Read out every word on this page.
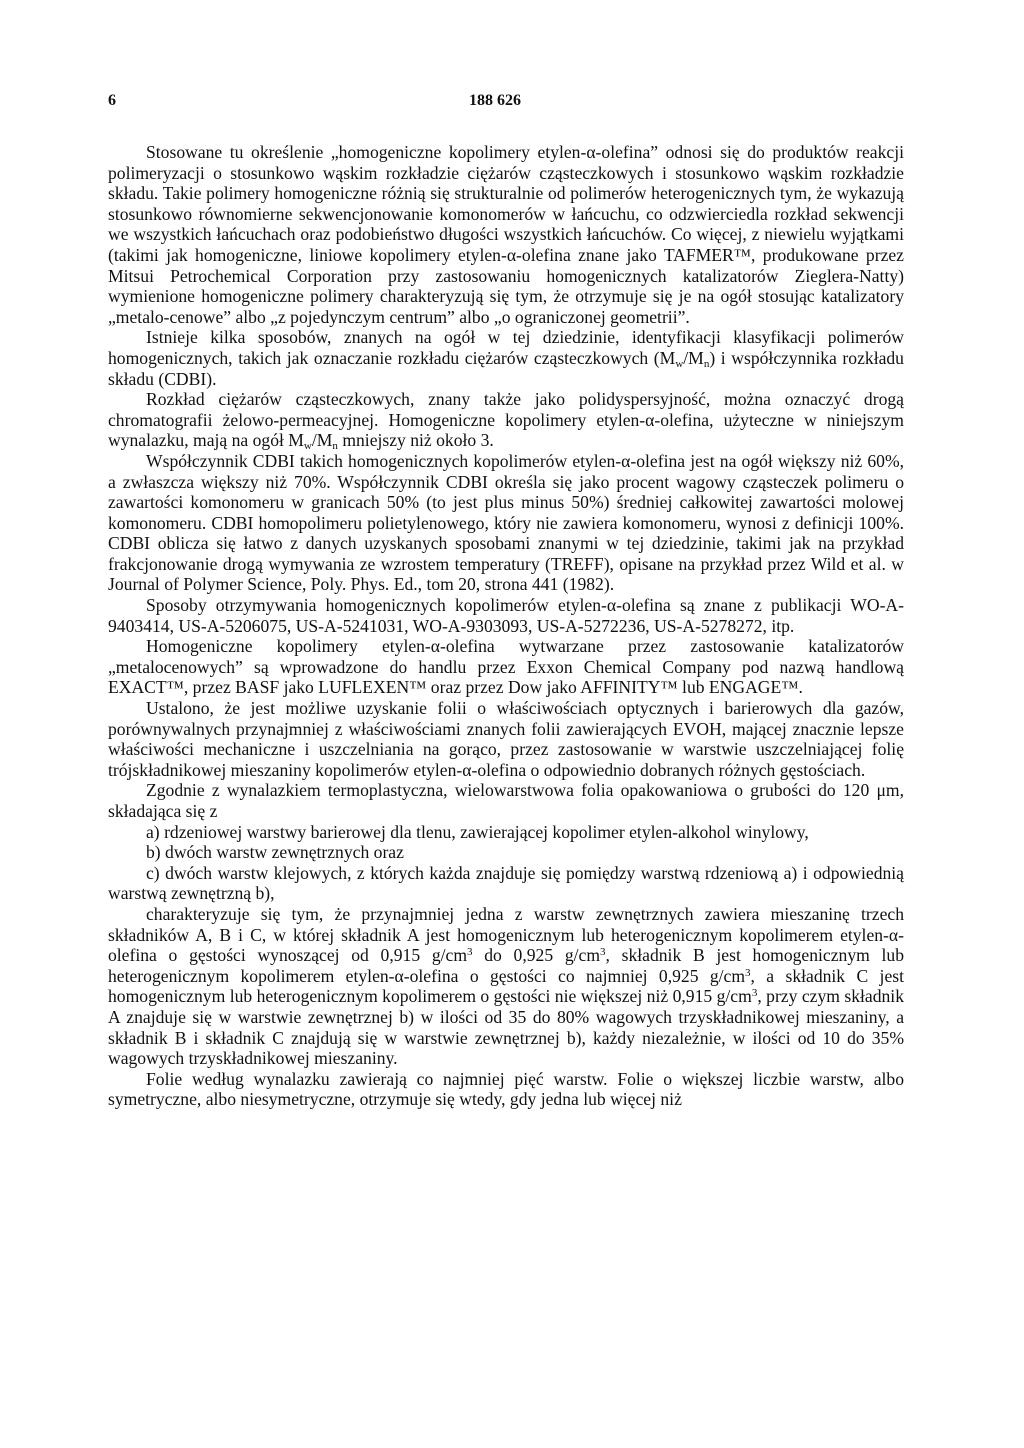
6	188 626

Stosowane tu określenie „homogeniczne kopolimery etylen-α-olefina” odnosi się do produktów reakcji polimeryzacji o stosunkowo wąskim rozkładzie ciężarów cząsteczkowych i stosunkowo wąskim rozkładzie składu. Takie polimery homogeniczne różnią się strukturalnie od polimerów heterogenicznych tym, że wykazują stosunkowo równomierne sekwencjonowanie komonomerów w łańcuchu, co odzwierciedla rozkład sekwencji we wszystkich łańcuchach oraz podobieństwo długości wszystkich łańcuchów. Co więcej, z niewielu wyjątkami (takimi jak homogeniczne, liniowe kopolimery etylen-α-olefina znane jako TAFMER™, produkowane przez Mitsui Petrochemical Corporation przy zastosowaniu homogenicznych katalizatorów Zieglera-Natty) wymienione homogeniczne polimery charakteryzują się tym, że otrzymuje się je na ogół stosując katalizatory „metalo-cenowe” albo „z pojedynczym centrum” albo „o ograniczonej geometrii”.

Istnieje kilka sposobów, znanych na ogół w tej dziedzinie, identyfikacji klasyfikacji polimerów homogenicznych, takich jak oznaczanie rozkładu ciężarów cząsteczkowych $(M_w/M_n)$ i współczynnika rozkładu składu (CDBI).

Rozkład ciężarów cząsteczkowych, znany także jako polidyspersyjność, można oznaczyć drogą chromatografii żelowo-permeacyjnej. Homogeniczne kopolimery etylen-α-olefina, użyteczne w niniejszym wynalazku, mają na ogół $M_w/M_n$ mniejszy niż około 3.

Współczynnik CDBI takich homogenicznych kopolimerów etylen-α-olefina jest na ogół większy niż 60%, a zwłaszcza większy niż 70%. Współczynnik CDBI określa się jako procent wagowy cząsteczek polimeru o zawartości komonomeru w granicach 50% (to jest plus minus 50%) średniej całkowitej zawartości molowej komonomeru. CDBI homopolimeru polietylenowego, który nie zawiera komonomeru, wynosi z definicji 100%. CDBI oblicza się łatwo z danych uzyskanych sposobami znanymi w tej dziedzinie, takimi jak na przykład frakcjonowanie drogą wymywania ze wzrostem temperatury (TREFF), opisane na przykład przez Wild et al. w Journal of Polymer Science, Poly. Phys. Ed., tom 20, strona 441 (1982).

Sposoby otrzymywania homogenicznych kopolimerów etylen-α-olefina są znane z publikacji WO-A-9403414, US-A-5206075, US-A-5241031, WO-A-9303093, US-A-5272236, US-A-5278272, itp.

Homogeniczne kopolimery etylen-α-olefina wytwarzane przez zastosowanie katalizatorów „metalocenowych” są wprowadzone do handlu przez Exxon Chemical Company pod nazwą handlową EXACT™, przez BASF jako LUFLEXEN™ oraz przez Dow jako AFFINITY™ lub ENGAGE™.

Ustalono, że jest możliwe uzyskanie folii o właściwościach optycznych i barierowych dla gazów, porównywalnych przynajmniej z właściwościami znanych folii zawierających EVOH, mającej znacznie lepsze właściwości mechaniczne i uszczelniania na gorąco, przez zastosowanie w warstwie uszczelniającej folię trójskładnikowej mieszaniny kopolimerów etylen-α-olefina o odpowiednio dobranych różnych gęstościach.

Zgodnie z wynalazkiem termoplastyczna, wielowarstwowa folia opakowaniowa o grubości do 120 μm, składająca się z

a) rdzeniowej warstwy barierowej dla tlenu, zawierającej kopolimer etylen-alkohol winylowy,

b) dwóch warstw zewnętrznych oraz

c) dwóch warstw klejowych, z których każda znajduje się pomiędzy warstwą rdzeniową a) i odpowiednią warstwą zewnętrzną b),

charakteryzuje się tym, że przynajmniej jedna z warstw zewnętrznych zawiera mieszaninę trzech składników A, B i C, w której składnik A jest homogenicznym lub heterogenicznym kopolimerem etylen-α-olefina o gęstości wynoszącej od 0,915 $g/cm^3$ do 0,925 $g/cm^3$, składnik B jest homogenicznym lub heterogenicznym kopolimerem etylen-α-olefina o gęstości co najmniej 0,925 $g/cm^3$, a składnik C jest homogenicznym lub heterogenicznym kopolimerem o gęstości nie większej niż 0,915 $g/cm^3$, przy czym składnik A znajduje się w warstwie zewnętrznej b) w ilości od 35 do 80% wagowych trzyskładnikowej mieszaniny, a składnik B i składnik C znajdują się w warstwie zewnętrznej b), każdy niezależnie, w ilości od 10 do 35% wagowych trzyskładnikowej mieszaniny.

Folie według wynalazku zawierają co najmniej pięć warstw. Folie o większej liczbie warstw, albo symetryczne, albo niesymetryczne, otrzymuje się wtedy, gdy jedna lub więcej niż
